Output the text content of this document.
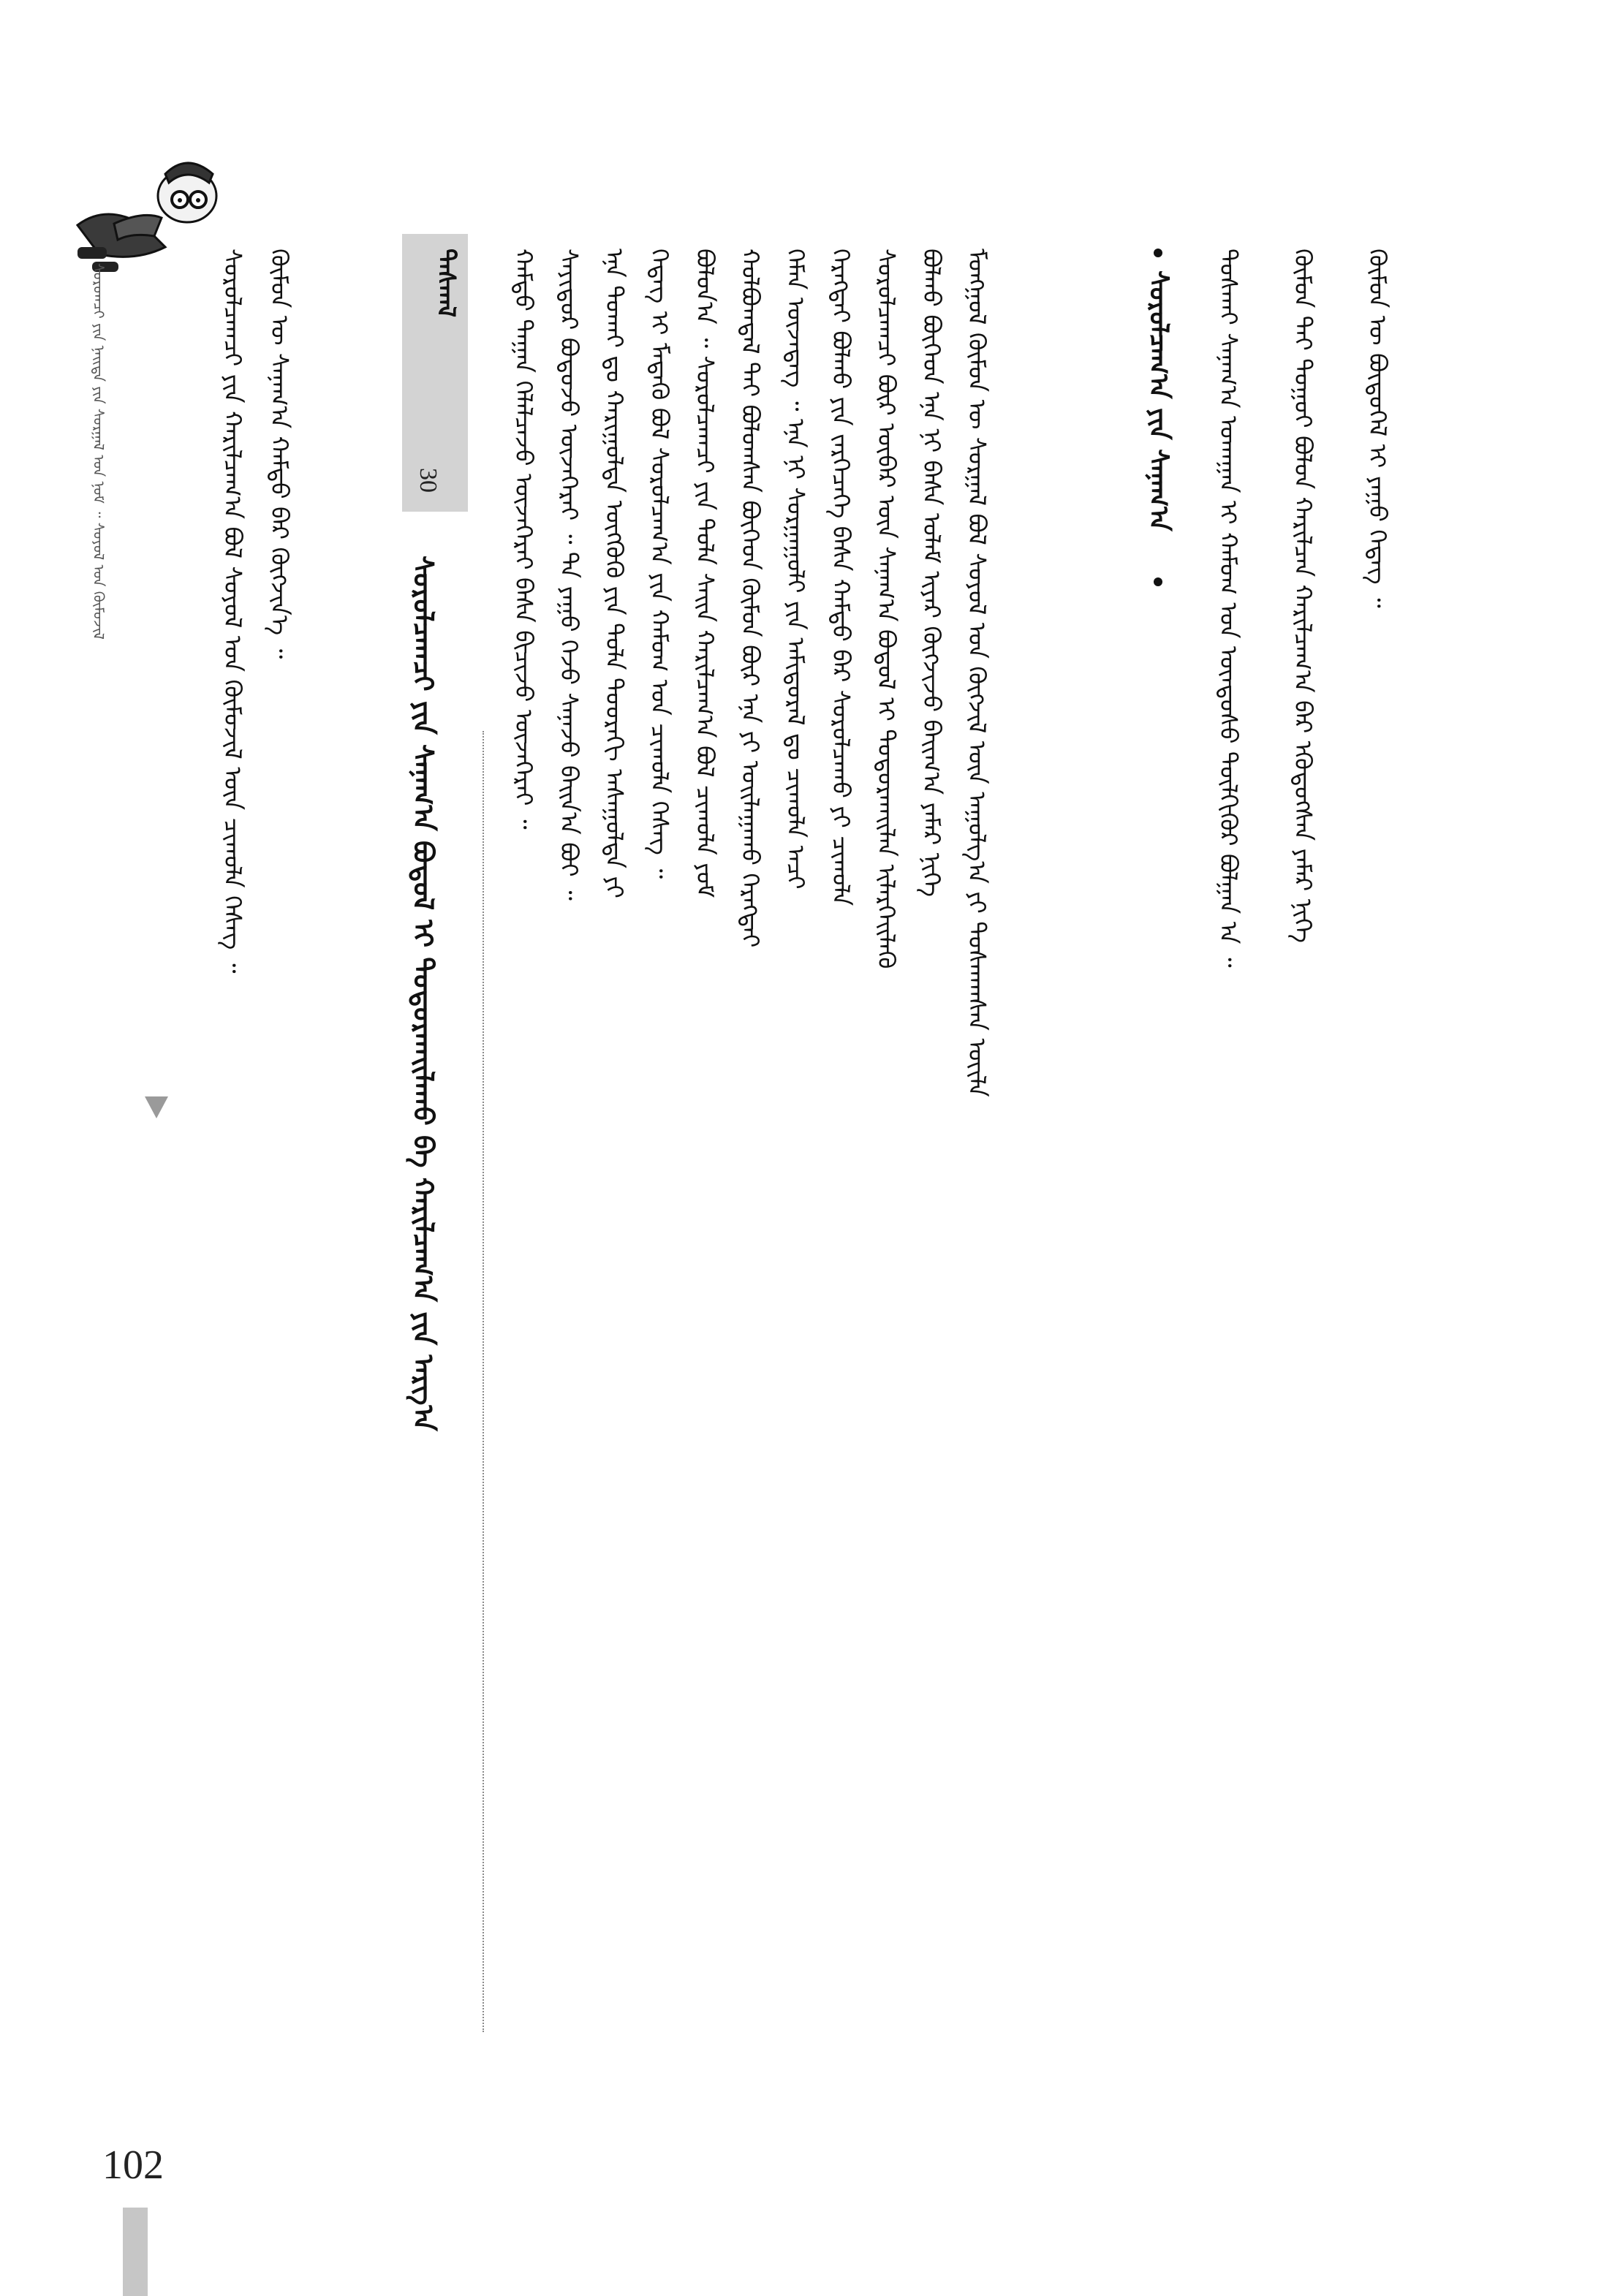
102
ᠰᠤᠷᠤᠭᠴᠢ ᠶᠢᠨ ᠨᠡᠢᠲᠡ ᠶᠢᠨ ᠰᠤᠷᠭᠠᠯ ᠤᠨ ᠨᠣᠮ ᠃ ᠰᠣᠶᠤᠯ ᠤᠨ ᠬᠥᠮᠦᠵᠢᠯ	ᠰᠤᠷᠤᠯᠴᠠᠭᠴᠢ ᠶᠢᠨ ᠬᠠᠷᠢᠯᠴᠠᠭ᠎ᠠ ᠪᠣᠯ ᠰᠣᠶᠤᠯ ᠤᠨ ᠬᠥᠮᠦᠵᠢᠯ ᠦᠨ ᠴᠢᠬᠤᠯᠠ ᠬᠡᠰᠡᠭ ᠃ ᠬᠦᠮᠦᠨ ᠦ ᠰᠠᠨᠠᠭ᠎ᠠ ᠬᠠᠮᠲᠤ ᠪᠡᠷ ᠬᠥᠭᠵᠢᠨ᠎ᠡ ᠃
ᠰᠤᠷᠤᠯᠴᠠᠭᠴᠢ ᠶᠢᠨ ᠰᠠᠨᠠᠭ᠎ᠠ ᠪᠣᠳᠤᠯ ᠢ ᠲᠣᠳᠣᠷᠬᠠᠢᠯᠠᠬᠤ ᠪᠠ ᠬᠠᠷᠢᠯᠴᠠᠭ᠎ᠠ ᠶᠢᠨ ᠠᠷᠭ᠎ᠠ
ᠳᠠᠰᠬᠠᠯ
30	ᠬᠠᠮᠲᠤ ᠳᠠᠭᠠᠨ ᠬᠡᠯᠡᠯᠴᠡᠵᠦ ᠦᠵᠡᠭᠡᠷᠡᠢ ᠪᠠᠰᠠ ᠪᠢᠴᠢᠵᠦ ᠦᠵᠡᠭᠡᠷᠡᠢ ᠃ ᠰᠠᠶᠢᠲᠤᠷ ᠪᠣᠳᠤᠵᠤ ᠦᠵᠡᠭᠡᠷᠡᠢ ᠃ ᠲᠠ ᠶᠠᠭᠤ ᠭᠡᠵᠦ ᠰᠠᠨᠠᠵᠤ ᠪᠠᠢᠨ᠎ᠠ ᠪᠤᠢ ᠃ ᠡᠨᠡ ᠲᠤᠬᠠᠢ ᠳᠤ ᠬᠠᠷᠢᠭᠤᠯᠲᠠ ᠥᠭᠭᠦᠬᠦ ᠶᠢᠨ ᠲᠤᠯᠠ ᠳᠣᠣᠷᠠᠬᠢ ᠠᠰᠠᠭᠤᠯᠲᠠ ᠶᠢ ᠭᠡᠳᠡᠭ ᠢ ᠮᠡᠳᠡᠬᠦ ᠪᠣᠯ ᠰᠤᠷᠤᠯᠴᠠᠭ᠎ᠠ ᠶᠢᠨ ᠬᠠᠮᠤᠭ ᠤᠨ ᠴᠢᠬᠤᠯᠠ ᠬᠡᠰᠡᠭ ᠃ ᠪᠣᠯᠤᠨ᠎ᠠ ᠃ ᠰᠤᠷᠤᠯᠴᠠᠭᠴᠢ ᠶᠢᠨ ᠲᠤᠯᠠ ᠰᠠᠢᠨ ᠬᠠᠷᠢᠯᠴᠠᠭ᠎ᠠ ᠪᠣᠯ ᠴᠢᠬᠤᠯᠠ ᠶᠤᠮ ᠬᠣᠯᠪᠣᠭᠳᠠᠯ ᠲᠠᠢ ᠪᠣᠯᠤᠭᠰᠠᠨ ᠪᠥᠭᠡᠳ ᠬᠦᠮᠦᠨ ᠪᠦᠷ ᠡᠨᠡ ᠶᠢ ᠣᠢᠯᠠᠭᠠᠬᠤ ᠬᠡᠷᠡᠭᠲᠡᠢ ᠬᠡᠮᠡᠨ ᠦᠵᠡᠳᠡᠭ ᠃ ᠡᠨᠡ ᠨᠢ ᠰᠤᠷᠭᠠᠭᠤᠯᠢ ᠶᠢᠨ ᠠᠮᠢᠳᠤᠷᠠᠯ ᠳᠤ ᠴᠢᠬᠤᠯᠠ ᠠᠴᠢ ᠬᠡᠷᠡᠭᠲᠡᠢ ᠪᠣᠯᠬᠤ ᠶᠢᠨ ᠵᠡᠷᠭᠡᠴᠡᠭᠡ ᠪᠠᠰᠠ ᠬᠠᠮᠲᠤ ᠪᠡᠷ ᠰᠤᠷᠤᠯᠴᠠᠬᠤ ᠶᠢ ᠴᠢᠬᠤᠯᠠ ᠰᠤᠷᠤᠯᠴᠠᠭᠴᠢ ᠪᠦᠷ ᠥᠪᠡᠷ ᠦᠨ ᠰᠠᠨᠠᠭ᠎ᠠ ᠪᠣᠳᠤᠯ ᠢ ᠲᠣᠳᠣᠷᠬᠠᠢᠯᠠᠨ ᠢᠯᠡᠷᠬᠡᠢᠯᠡᠬᠦ ᠪᠣᠯᠬᠤ ᠪᠥᠭᠡᠳ ᠡᠨᠡ ᠨᠢ ᠪᠠᠰᠠ ᠤᠯᠠᠮ ᠢᠶᠠᠷ ᠬᠥᠭᠵᠢᠵᠦ ᠪᠠᠢᠭ᠎ᠠ ᠶᠠᠮᠠᠷ ᠨᠢᠭᠡ ᠮᠣᠩᠭᠣᠯ ᠬᠦᠮᠦᠨ ᠦ ᠰᠤᠷᠭᠠᠯ ᠪᠣᠯ ᠰᠣᠶᠤᠯ ᠤᠨ ᠬᠥᠭᠵᠢᠯ ᠦᠨ ᠠᠭᠤᠯᠭ᠎ᠠ ᠶᠢ ᠲᠤᠰᠬᠠᠭᠰᠠᠨ ᠦᠢᠯᠡ	ᠰᠤᠷᠤᠯᠴᠠᠭ᠎ᠠ ᠶᠢᠨ ᠰᠠᠨᠠᠭ᠎ᠠ ᠲᠤᠰᠬᠠᠢ ᠰᠠᠨᠠᠭ᠎ᠠ ᠤᠬᠠᠭᠠᠨ ᠢ ᠬᠠᠮᠤᠭ ᠤᠨ ᠦᠨᠳᠦᠰᠦ ᠲᠦᠯᠬᠢᠭᠦᠷ ᠪᠣᠯᠭᠠᠨ ᠠ ᠃ ᠬᠦᠮᠦᠨ ᠲᠡᠢ ᠳᠤᠭᠤᠢ ᠪᠣᠯᠤᠨ ᠬᠠᠷᠢᠯᠴᠠᠨ ᠬᠠᠷᠢᠯᠴᠠᠭ᠎ᠠ ᠪᠠᠷ ᠡᠭᠦᠳᠦᠭᠰᠡᠨ ᠶᠠᠮᠠᠷ ᠨᠢᠭᠡ ᠬᠦᠮᠦᠨ ᠦ ᠪᠦᠲᠦᠭᠡᠯ ᠢ ᠶᠠᠭᠤ ᠭᠡᠳᠡᠭ ᠃
